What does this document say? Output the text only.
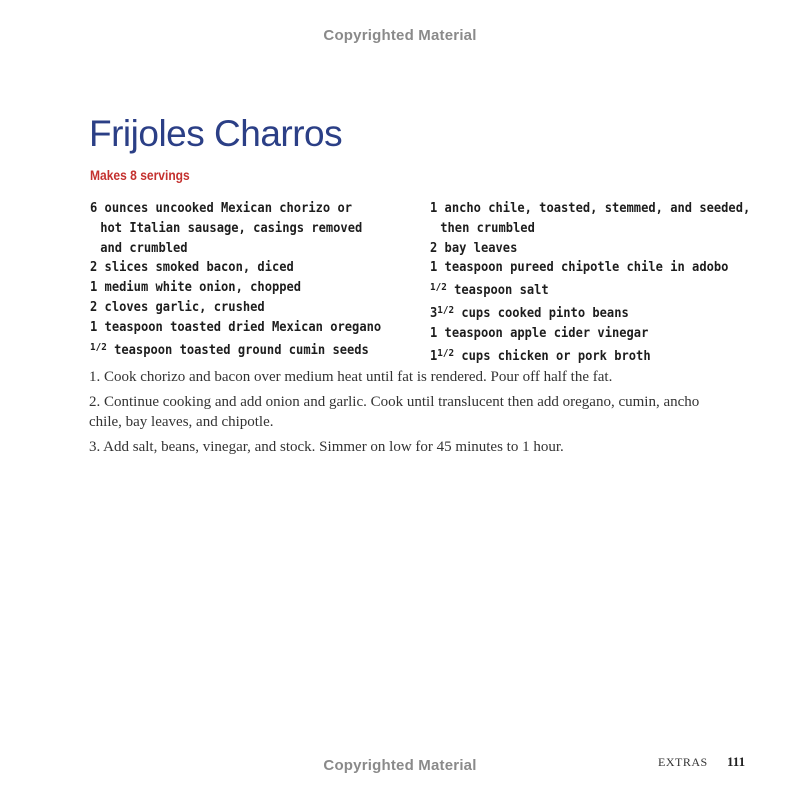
Copyrighted Material
Frijoles Charros
Makes 8 servings
6 ounces uncooked Mexican chorizo or
hot Italian sausage, casings removed
and crumbled
2 slices smoked bacon, diced
1 medium white onion, chopped
2 cloves garlic, crushed
1 teaspoon toasted dried Mexican oregano
$^{1/2}$ teaspoon toasted ground cumin seeds
1 ancho chile, toasted, stemmed, and seeded,
then crumbled
2 bay leaves
1 teaspoon pureed chipotle chile in adobo
$^{1/2}$ teaspoon salt
$3^{1/2}$ cups cooked pinto beans
1 teaspoon apple cider vinegar
$1^{1/2}$ cups chicken or pork broth
1. Cook chorizo and bacon over medium heat until fat is rendered. Pour off half the fat.
2. Continue cooking and add onion and garlic. Cook until translucent then add oregano, cumin, ancho chile, bay leaves, and chipotle.
3. Add salt, beans, vinegar, and stock. Simmer on low for 45 minutes to 1 hour.
Copyrighted Material	EXTRAS 111
